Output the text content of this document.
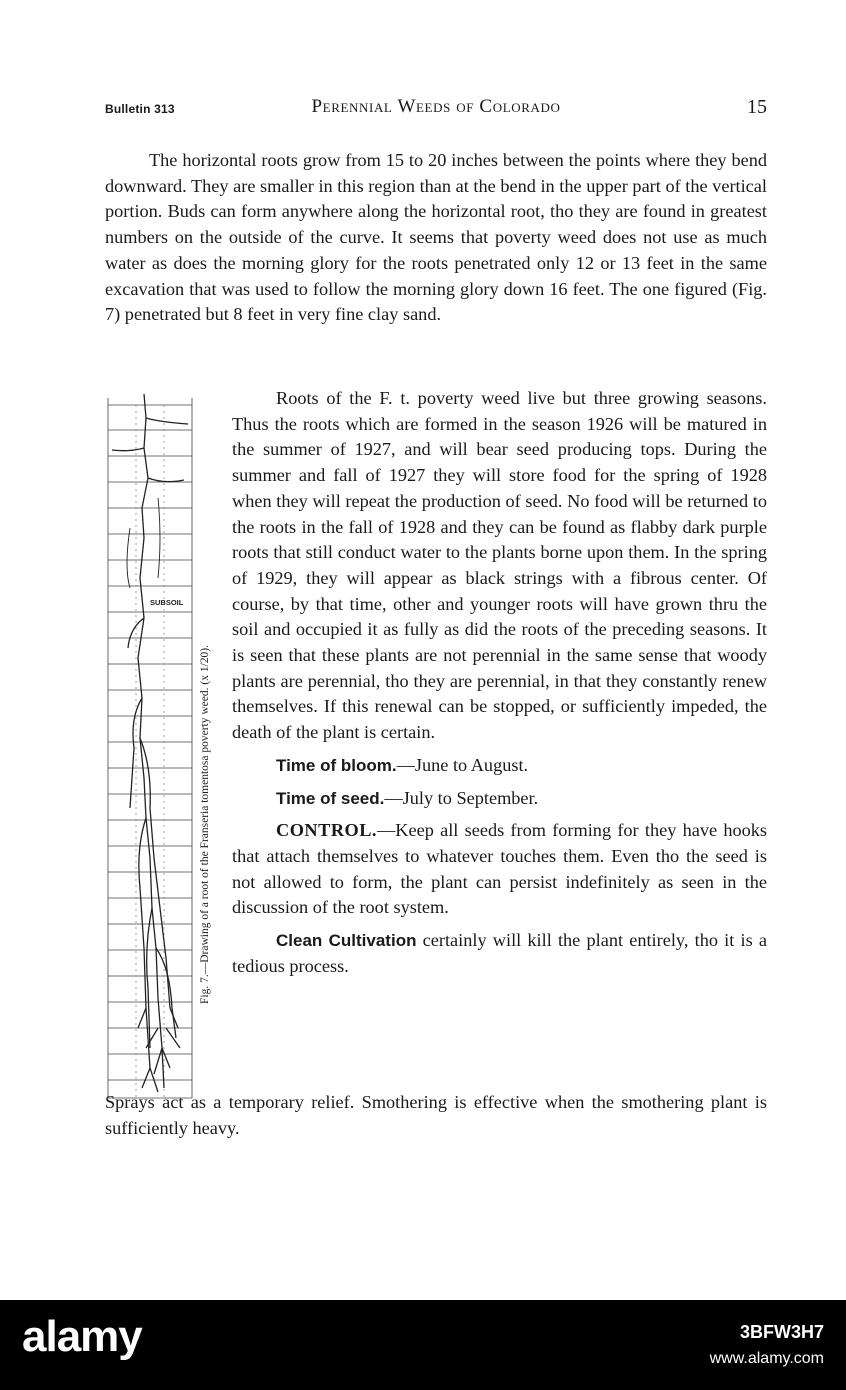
Bulletin 313	Perennial Weeds of Colorado	15

The horizontal roots grow from 15 to 20 inches between the points where they bend downward. They are smaller in this region than at the bend in the upper part of the vertical portion. Buds can form anywhere along the horizontal root, tho they are found in greatest numbers on the outside of the curve. It seems that poverty weed does not use as much water as does the morning glory for the roots penetrated only 12 or 13 feet in the same excavation that was used to follow the morning glory down 16 feet. The one figured (Fig. 7) penetrated but 8 feet in very fine clay sand.

SUBSOIL
Fig. 7.—Drawing of a root of the Franseria tomentosa poverty weed. (x 1/20).

Roots of the F. t. poverty weed live but three growing seasons. Thus the roots which are formed in the season 1926 will be matured in the summer of 1927, and will bear seed producing tops. During the summer and fall of 1927 they will store food for the spring of 1928 when they will repeat the production of seed. No food will be returned to the roots in the fall of 1928 and they can be found as flabby dark purple roots that still conduct water to the plants borne upon them. In the spring of 1929, they will appear as black strings with a fibrous center. Of course, by that time, other and younger roots will have grown thru the soil and occupied it as fully as did the roots of the preceding seasons. It is seen that these plants are not perennial in the same sense that woody plants are perennial, tho they are perennial, in that they constantly renew themselves. If this renewal can be stopped, or sufficiently impeded, the death of the plant is certain.

Time of bloom.—June to August.

Time of seed.—July to September.

CONTROL.—Keep all seeds from forming for they have hooks that attach themselves to whatever touches them. Even tho the seed is not allowed to form, the plant can persist indefinitely as seen in the discussion of the root system.

Clean Cultivation certainly will kill the plant entirely, tho it is a tedious process.

Sprays act as a temporary relief. Smothering is effective when the smothering plant is sufficiently heavy.

alamy	3BFW3H7
www.alamy.com
